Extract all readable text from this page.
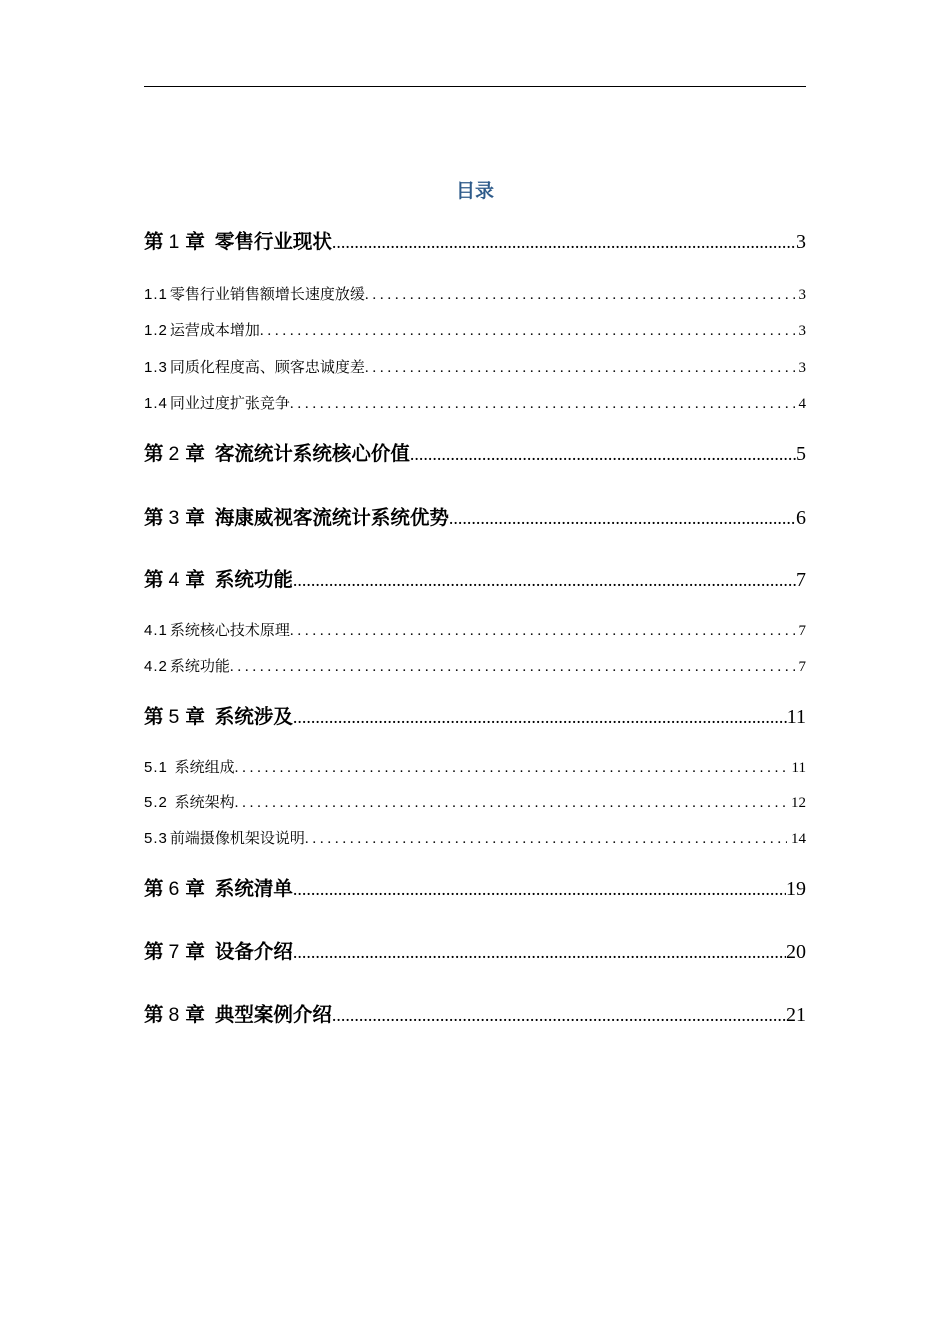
目录
第 1 章 零售行业现状 .....	3
1.1 零售行业销售额增长速度放缓 . . .	3
1.2 运营成本增加 . . .	3
1.3 同质化程度高、顾客忠诚度差 . . .	3
1.4 同业过度扩张竞争 . . .	4
第 2 章 客流统计系统核心价值 .....	5
第 3 章 海康威视客流统计系统优势 .....	6
第 4 章 系统功能 .....	7
4.1 系统核心技术原理 . . .	7
4.2 系统功能 . . .	7
第 5 章 系统涉及 .....	11
5.1 系统组成 . . .	11
5.2 系统架构 . . .	12
5.3 前端摄像机架设说明 . . .	14
第 6 章 系统清单 .....	19
第 7 章 设备介绍 .....	20
第 8 章 典型案例介绍 .....	21
